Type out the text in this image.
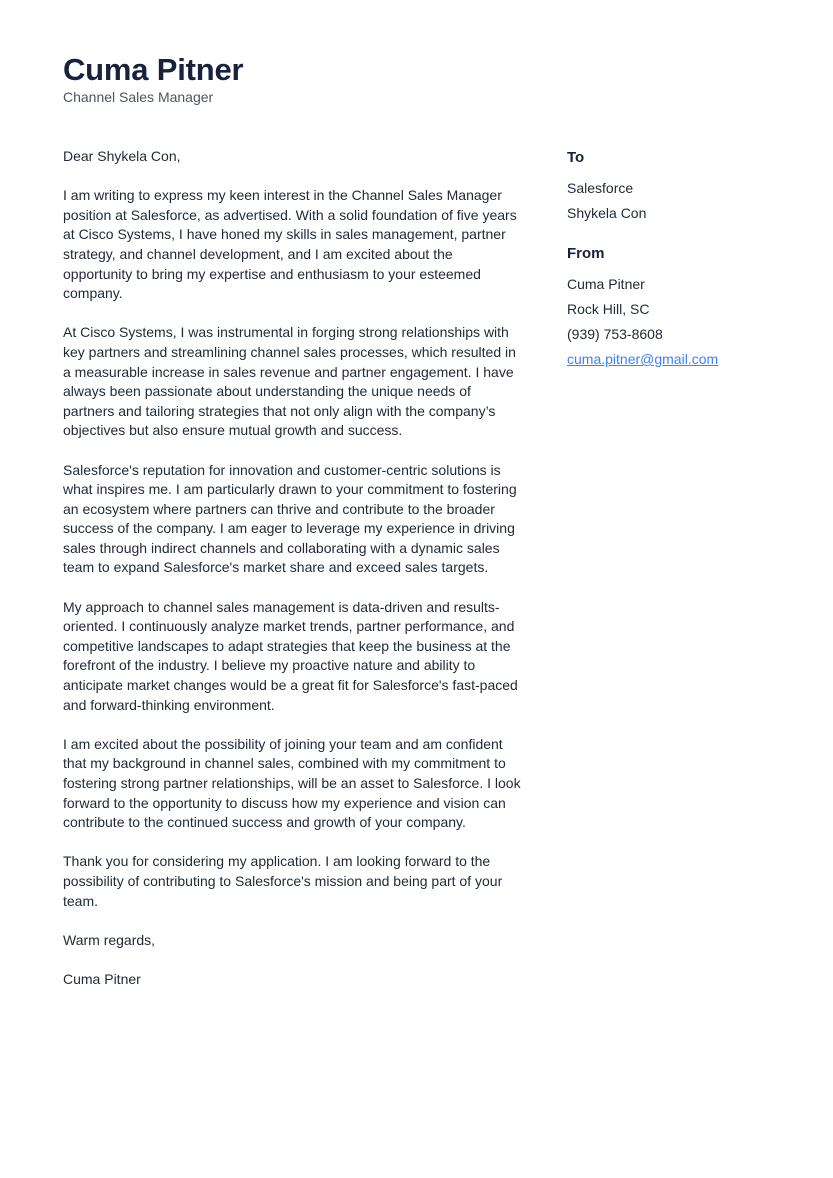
Cuma Pitner
Channel Sales Manager

Dear Shykela Con,

I am writing to express my keen interest in the Channel Sales Manager position at Salesforce, as advertised. With a solid foundation of five years at Cisco Systems, I have honed my skills in sales management, partner strategy, and channel development, and I am excited about the opportunity to bring my expertise and enthusiasm to your esteemed company.

At Cisco Systems, I was instrumental in forging strong relationships with key partners and streamlining channel sales processes, which resulted in a measurable increase in sales revenue and partner engagement. I have always been passionate about understanding the unique needs of partners and tailoring strategies that not only align with the company’s objectives but also ensure mutual growth and success.

Salesforce's reputation for innovation and customer-centric solutions is what inspires me. I am particularly drawn to your commitment to fostering an ecosystem where partners can thrive and contribute to the broader success of the company. I am eager to leverage my experience in driving sales through indirect channels and collaborating with a dynamic sales team to expand Salesforce's market share and exceed sales targets.

My approach to channel sales management is data-driven and results-oriented. I continuously analyze market trends, partner performance, and competitive landscapes to adapt strategies that keep the business at the forefront of the industry. I believe my proactive nature and ability to anticipate market changes would be a great fit for Salesforce's fast-paced and forward-thinking environment.

I am excited about the possibility of joining your team and am confident that my background in channel sales, combined with my commitment to fostering strong partner relationships, will be an asset to Salesforce. I look forward to the opportunity to discuss how my experience and vision can contribute to the continued success and growth of your company.

Thank you for considering my application. I am looking forward to the possibility of contributing to Salesforce's mission and being part of your team.

Warm regards,

Cuma Pitner

To
Salesforce
Shykela Con
From
Cuma Pitner
Rock Hill, SC
(939) 753-8608
cuma.pitner@gmail.com
